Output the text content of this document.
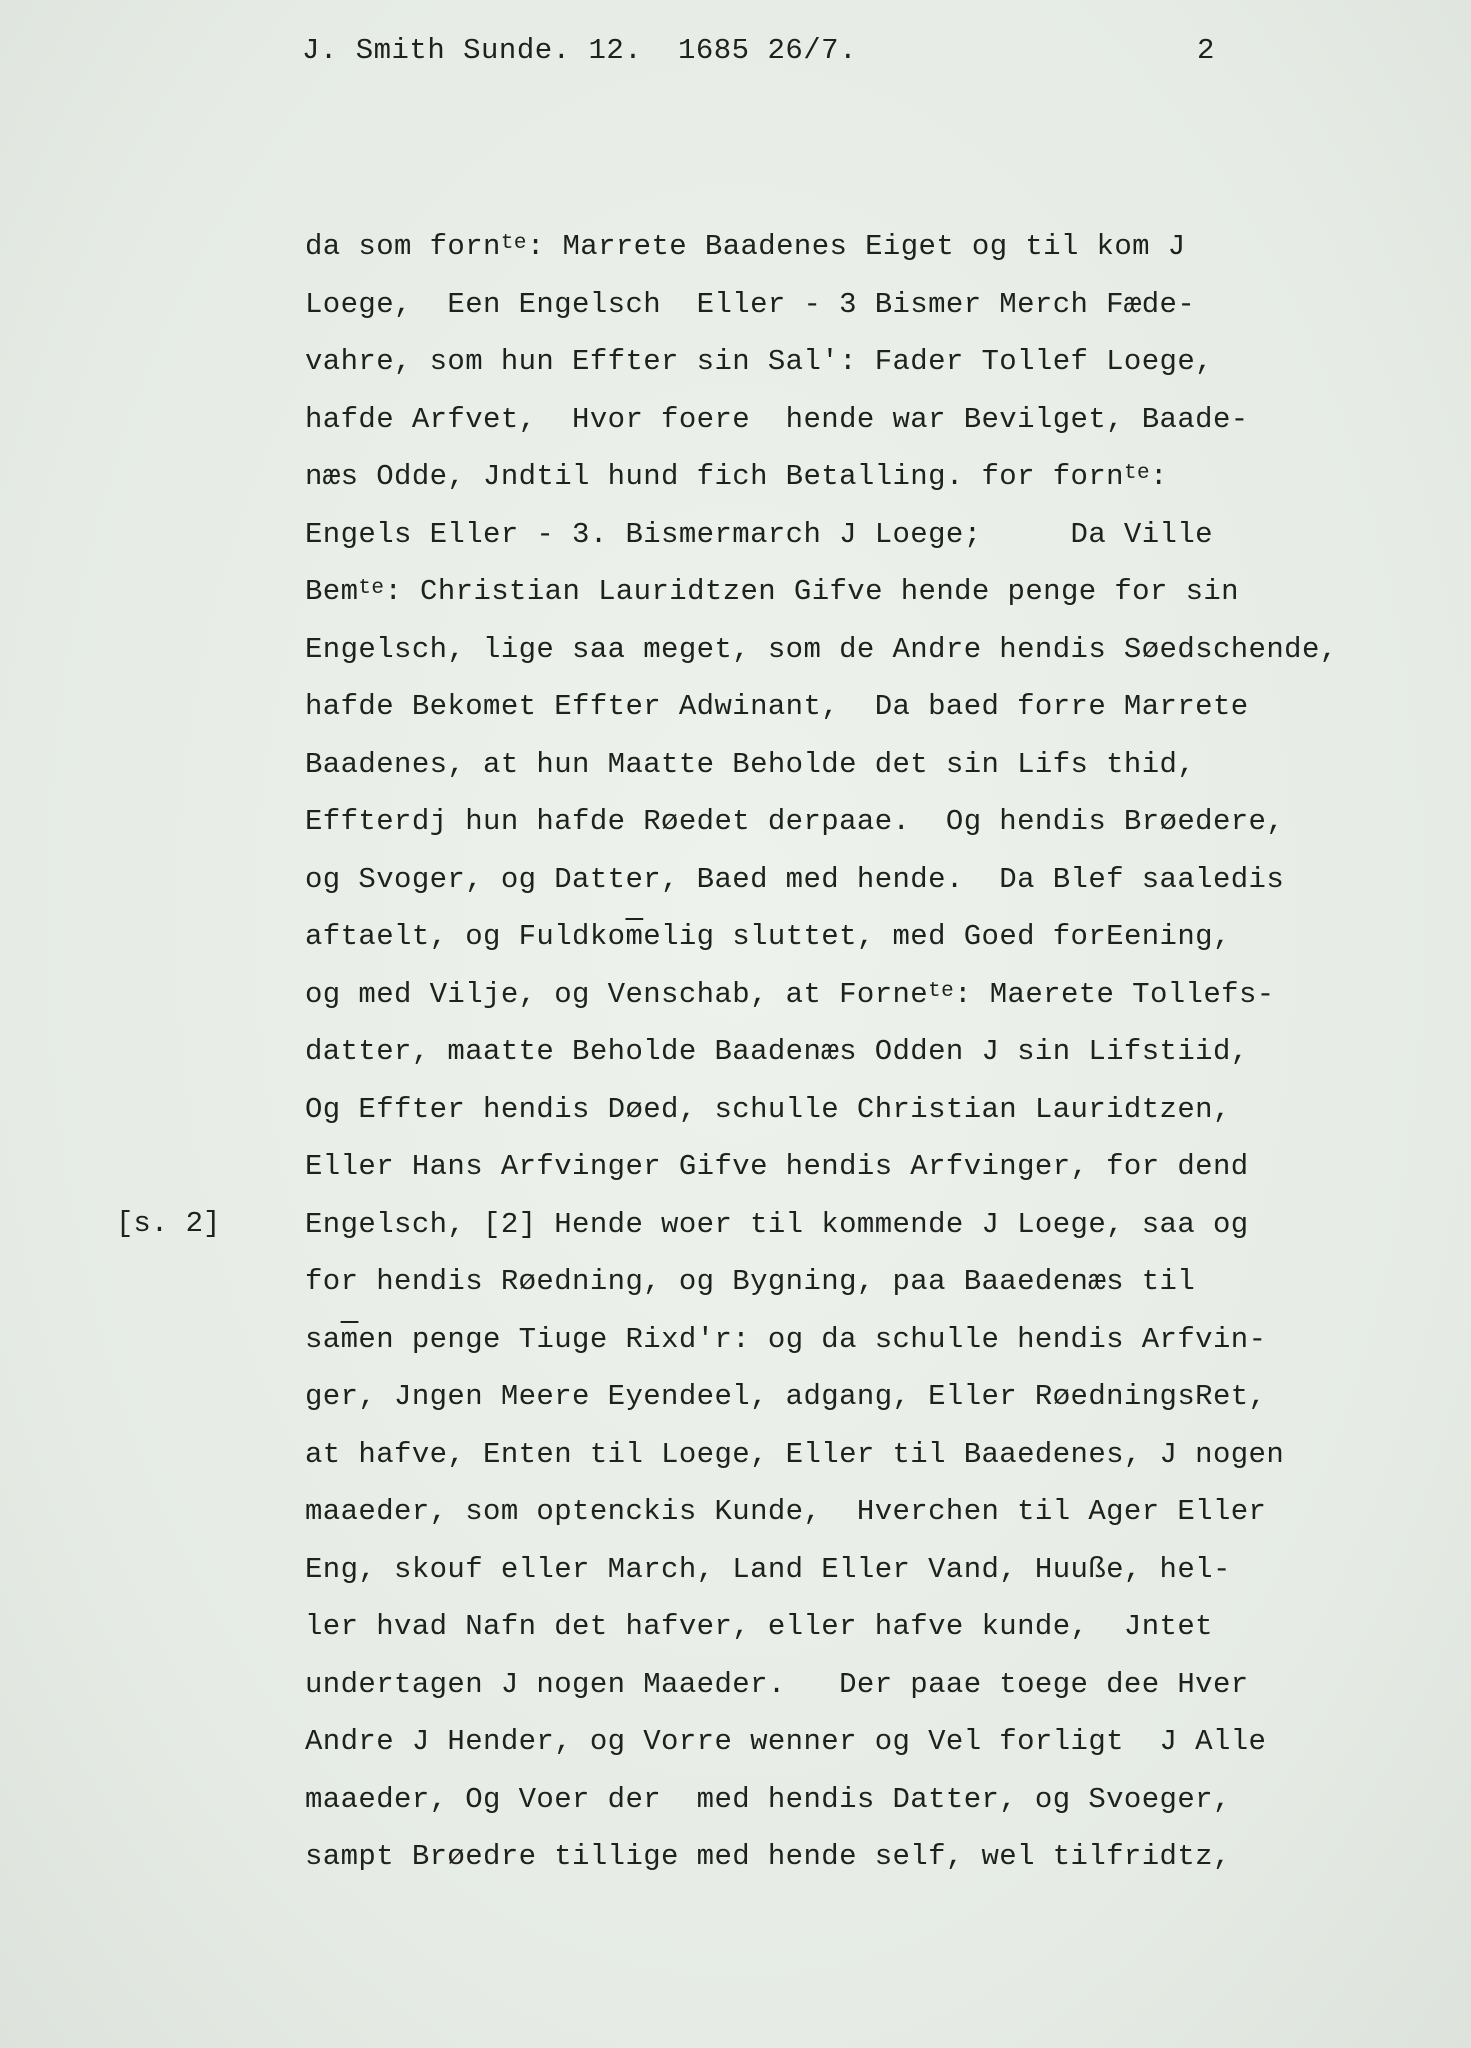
J. Smith Sunde. 12.  1685 26/7.	2
[s. 2]
da som forn$^{te}$: Marrete Baadenes Eiget og til kom J
Loege,  Een Engelsch  Eller - 3 Bismer Merch Fæde-
vahre, som hun Effter sin Sal': Fader Tollef Loege,
hafde Arfvet,  Hvor foere  hende war Bevilget, Baade-
næs Odde, Jndtil hund fich Betalling. for forn$^{te}$:
Engels Eller - 3. Bismermarch J Loege;     Da Ville
Bem$^{te}$: Christian Lauridtzen Gifve hende penge for sin
Engelsch, lige saa meget, som de Andre hendis Søedschende,
hafde Bekomet Effter Adwinant,  Da baed forre Marrete
Baadenes, at hun Maatte Beholde det sin Lifs thid,
Effterdj hun hafde Røedet derpaae.  Og hendis Brøedere,
og Svoger, og Datter, Baed med hende.  Da Blef saaledis
aftaelt, og $Fuldko\overline{m}elig$ sluttet, med Goed forEening,
og med Vilje, og Venschab, at Forne$^{te}$: Maerete Tollefs-
datter, maatte Beholde Baadenæs Odden J sin Lifstiid,
Og Effter hendis Døed, schulle Christian Lauridtzen,
Eller Hans Arfvinger Gifve hendis Arfvinger, for dend
Engelsch, [2] Hende woer til kommende J Loege, saa og
for hendis Røedning, og Bygning, paa Baaedenæs til
$sa\overline{m}en$ penge Tiuge Rixd'r: og da schulle hendis Arfvin-
ger, Jngen Meere Eyendeel, adgang, Eller RøedningsRet,
at hafve, Enten til Loege, Eller til Baaedenes, J nogen
maaeder, som optenckis Kunde,  Hverchen til Ager Eller
Eng, skouf eller March, Land Eller Vand, Huuße, hel-
ler hvad Nafn det hafver, eller hafve kunde,  Jntet
undertagen J nogen Maaeder.   Der paae toege dee Hver
Andre J Hender, og Vorre wenner og Vel forligt  J Alle
maaeder, Og Voer der  med hendis Datter, og Svoeger,
sampt Brøedre tillige med hende self, wel tilfridtz,
